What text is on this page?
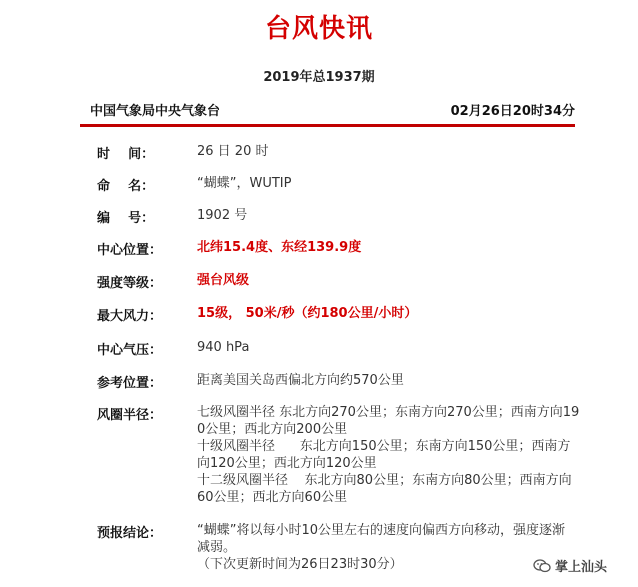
台风快讯
2019年总1937期
中国气象局中央气象台	02月26日20时34分
时    间：	26 日 20 时
命    名：	“蝴蝶”，WUTIP
编    号：	1902 号
中心位置：	北纬15.4度、东经139.9度
强度等级：	强台风级
最大风力：	15级， 50米/秒（约180公里/小时）
中心气压：	940 hPa
参考位置：	距离美国关岛西偏北方向约570公里
风圈半径：	七级风圈半径 东北方向270公里；东南方向270公里；西南方向19
0公里；西北方向200公里
十级风圈半径      东北方向150公里；东南方向150公里；西南方
向120公里；西北方向120公里
十二级风圈半径    东北方向80公里；东南方向80公里；西南方向
60公里；西北方向60公里
预报结论：	“蝴蝶”将以每小时10公里左右的速度向偏西方向移动，强度逐渐
减弱。
（下次更新时间为26日23时30分）	掌上汕头
